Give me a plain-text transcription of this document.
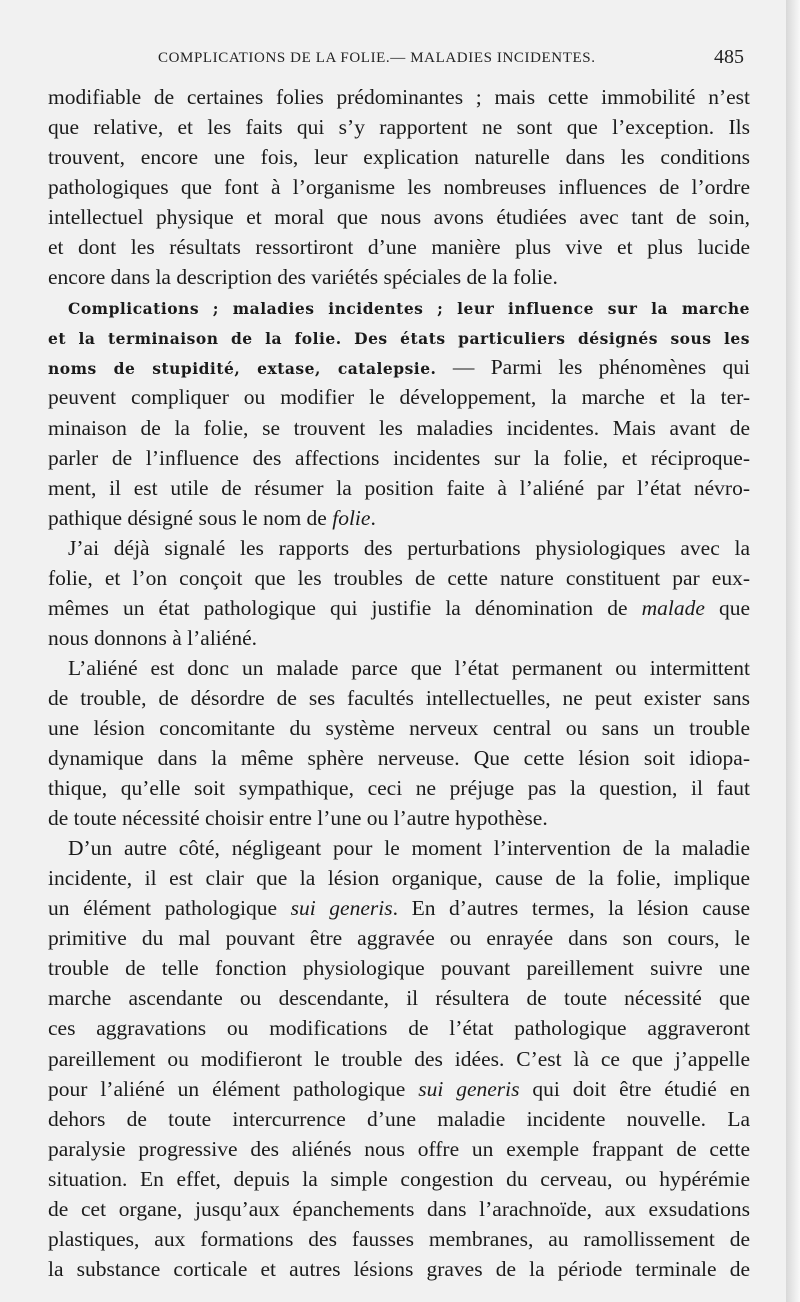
COMPLICATIONS DE LA FOLIE.— MALADIES INCIDENTES.	485
modifiable de certaines folies prédominantes ; mais cette immobilité n’est
que relative, et les faits qui s’y rapportent ne sont que l’exception. Ils
trouvent, encore une fois, leur explication naturelle dans les conditions
pathologiques que font à l’organisme les nombreuses influences de l’ordre
intellectuel physique et moral que nous avons étudiées avec tant de soin,
et dont les résultats ressortiront d’une manière plus vive et plus lucide
encore dans la description des variétés spéciales de la folie.
Complications ; maladies incidentes ; leur influence sur la marche
et la terminaison de la folie. Des états particuliers désignés sous les
noms de stupidité, extase, catalepsie. — Parmi les phénomènes qui
peuvent compliquer ou modifier le développement, la marche et la ter-
minaison de la folie, se trouvent les maladies incidentes. Mais avant de
parler de l’influence des affections incidentes sur la folie, et réciproque-
ment, il est utile de résumer la position faite à l’aliéné par l’état névro-
pathique désigné sous le nom de folie.
J’ai déjà signalé les rapports des perturbations physiologiques avec la
folie, et l’on conçoit que les troubles de cette nature constituent par eux-
mêmes un état pathologique qui justifie la dénomination de malade que
nous donnons à l’aliéné.
L’aliéné est donc un malade parce que l’état permanent ou intermittent
de trouble, de désordre de ses facultés intellectuelles, ne peut exister sans
une lésion concomitante du système nerveux central ou sans un trouble
dynamique dans la même sphère nerveuse. Que cette lésion soit idiopa-
thique, qu’elle soit sympathique, ceci ne préjuge pas la question, il faut
de toute nécessité choisir entre l’une ou l’autre hypothèse.
D’un autre côté, négligeant pour le moment l’intervention de la maladie
incidente, il est clair que la lésion organique, cause de la folie, implique
un élément pathologique sui generis. En d’autres termes, la lésion cause
primitive du mal pouvant être aggravée ou enrayée dans son cours, le
trouble de telle fonction physiologique pouvant pareillement suivre une
marche ascendante ou descendante, il résultera de toute nécessité que
ces aggravations ou modifications de l’état pathologique aggraveront
pareillement ou modifieront le trouble des idées. C’est là ce que j’appelle
pour l’aliéné un élément pathologique sui generis qui doit être étudié en
dehors de toute intercurrence d’une maladie incidente nouvelle. La
paralysie progressive des aliénés nous offre un exemple frappant de cette
situation. En effet, depuis la simple congestion du cerveau, ou hypérémie
de cet organe, jusqu’aux épanchements dans l’arachnoïde, aux exsudations
plastiques, aux formations des fausses membranes, au ramollissement de
la substance corticale et autres lésions graves de la période terminale de
